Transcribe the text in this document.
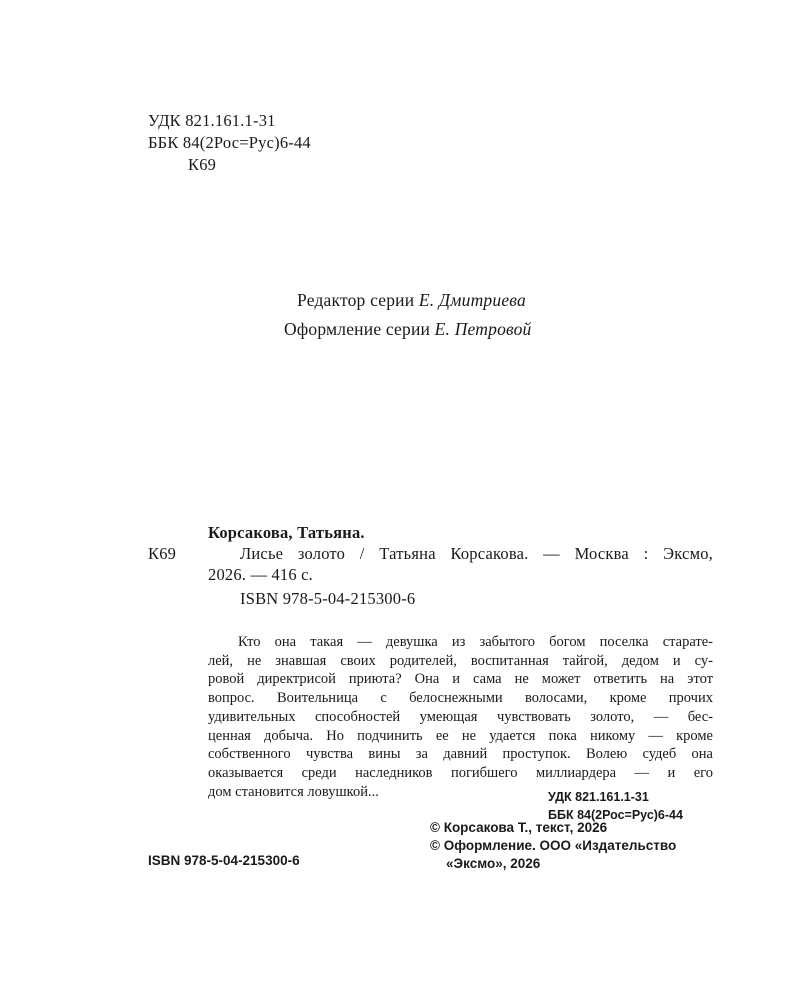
УДК 821.161.1-31
ББК 84(2Рос=Рус)6-44
К69
Редактор серии Е. Дмитриева
Оформление серии Е. Петровой
Корсакова, Татьяна.
К69	Лисье золото / Татьяна Корсакова. — Москва : Эксмо,
2026. — 416 с.
ISBN 978-5-04-215300-6
Кто она такая — девушка из забытого богом поселка старате-
лей, не знавшая своих родителей, воспитанная тайгой, дедом и су-
ровой директрисой приюта? Она и сама не может ответить на этот
вопрос. Воительница с белоснежными волосами, кроме прочих
удивительных способностей умеющая чувствовать золото, — бес-
ценная добыча. Но подчинить ее не удается пока никому — кроме
собственного чувства вины за давний проступок. Волею судеб она
оказывается среди наследников погибшего миллиардера — и его
дом становится ловушкой...	УДК 821.161.1-31
ББК 84(2Рос=Рус)6-44
ISBN 978-5-04-215300-6
© Корсакова Т., текст, 2026
© Оформление. ООО «Издательство
«Эксмо», 2026
